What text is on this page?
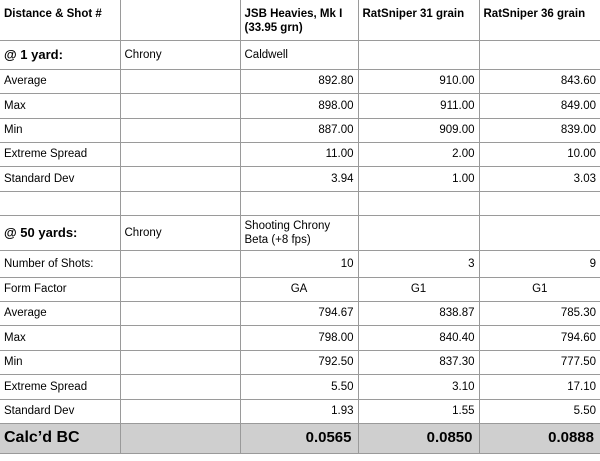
Distance & Shot #		JSB Heavies, Mk I (33.95 grn)	RatSniper 31 grain	RatSniper 36 grain
@ 1 yard:	Chrony	Caldwell		
Average		892.80	910.00	843.60
Max		898.00	911.00	849.00
Min		887.00	909.00	839.00
Extreme Spread		11.00	2.00	10.00
Standard Dev		3.94	1.00	3.03

@ 50 yards:	Chrony	Shooting Chrony Beta (+8 fps)		
Number of Shots:		10	3	9
Form Factor		GA	G1	G1
Average		794.67	838.87	785.30
Max		798.00	840.40	794.60
Min		792.50	837.30	777.50
Extreme Spread		5.50	3.10	17.10
Standard Dev		1.93	1.55	5.50
Calc’d BC		0.0565	0.0850	0.0888
